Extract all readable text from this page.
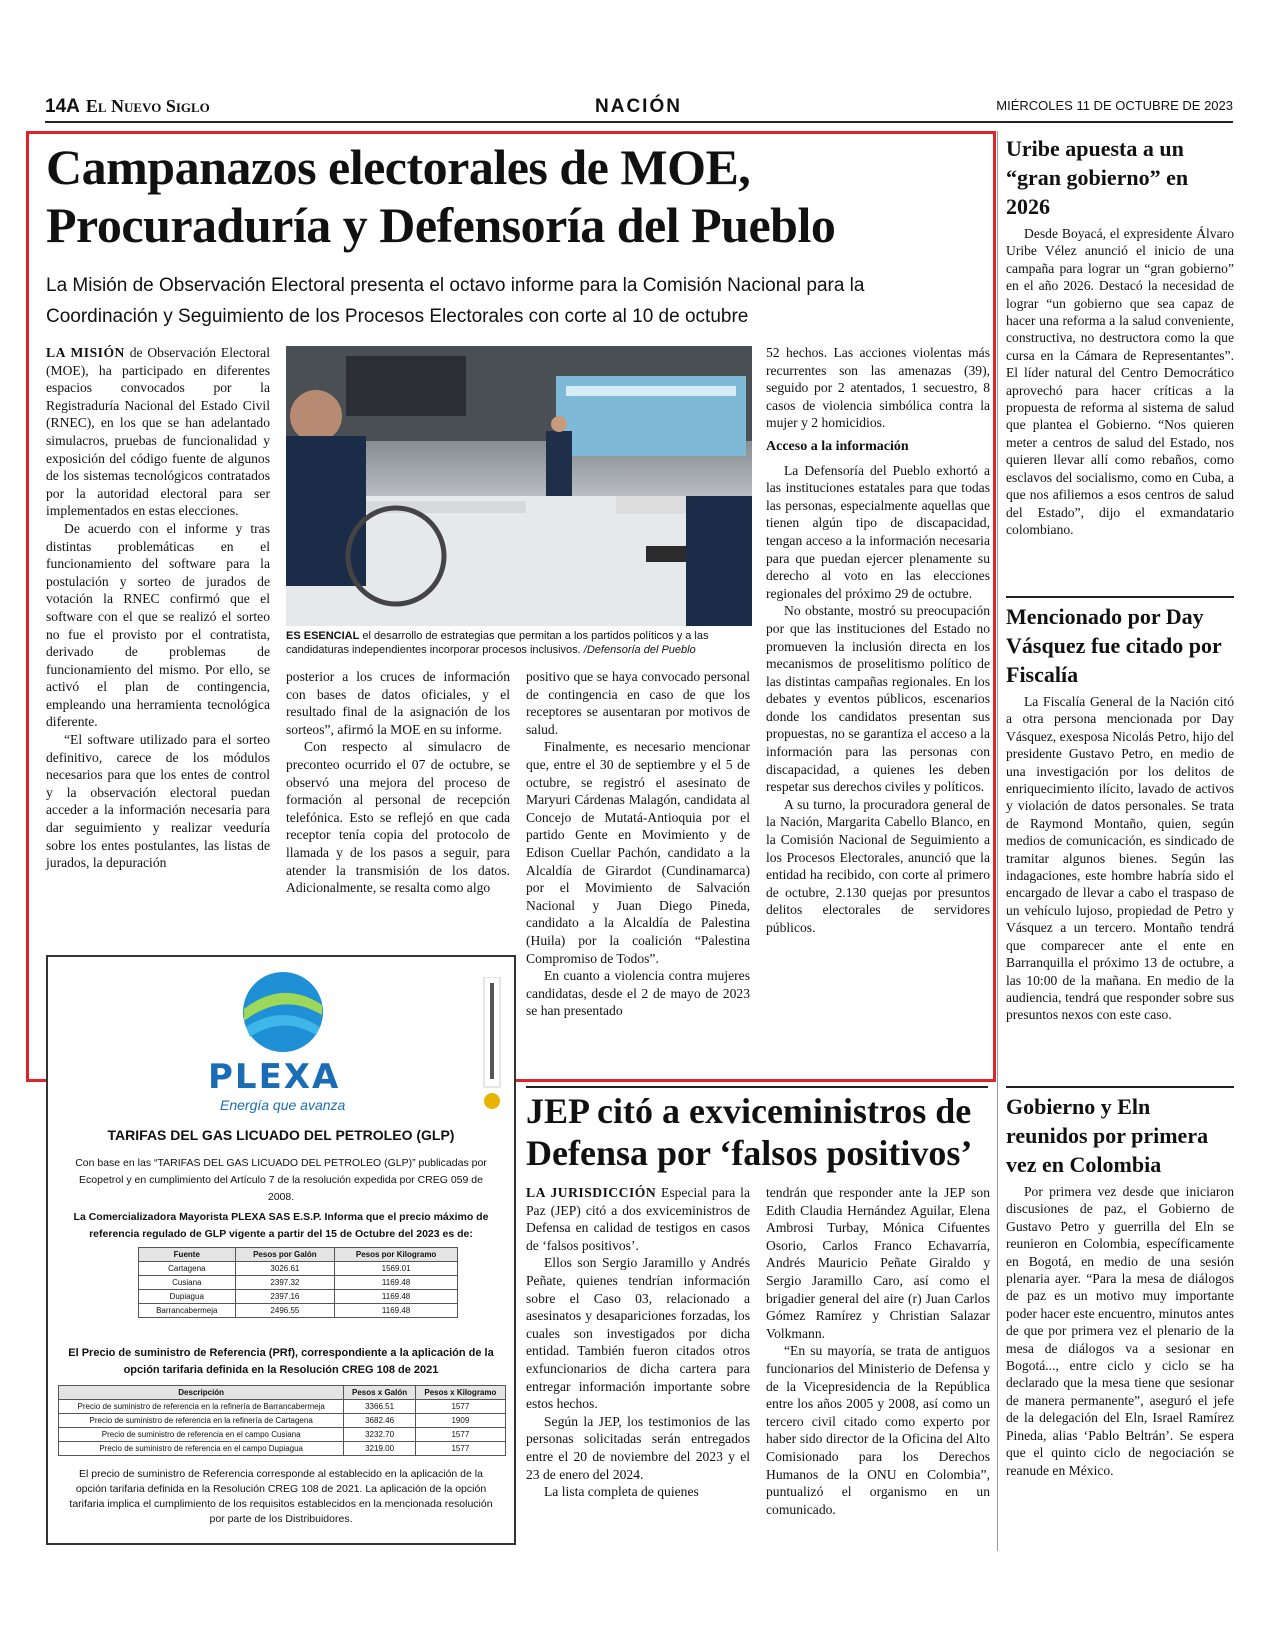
14A El Nuevo Siglo	NACIÓN	MIÉRCOLES 11 DE OCTUBRE DE 2023
Campanazos electorales de MOE, Procuraduría y Defensoría del Pueblo
La Misión de Observación Electoral presenta el octavo informe para la Comisión Nacional para la Coordinación y Seguimiento de los Procesos Electorales con corte al 10 de octubre

LA MISIÓN de Observación Electoral (MOE), ha participado en diferentes espacios convocados por la Registraduría Nacional del Estado Civil (RNEC), en los que se han adelantado simulacros, pruebas de funcionalidad y exposición del código fuente de algunos de los sistemas tecnológicos contratados por la autoridad electoral para ser implementados en estas elecciones.

De acuerdo con el informe y tras distintas problemáticas en el funcionamiento del software para la postulación y sorteo de jurados de votación la RNEC confirmó que el software con el que se realizó el sorteo no fue el provisto por el contratista, derivado de problemas de funcionamiento del mismo. Por ello, se activó el plan de contingencia, empleando una herramienta tecnológica diferente.

“El software utilizado para el sorteo definitivo, carece de los módulos necesarios para que los entes de control y la observación electoral puedan acceder a la información necesaria para dar seguimiento y realizar veeduría sobre los entes postulantes, las listas de jurados, la depuración

ES ESENCIAL el desarrollo de estrategias que permitan a los partidos políticos y a las candidaturas independientes incorporar procesos inclusivos. /Defensoría del Pueblo

posterior a los cruces de información con bases de datos oficiales, y el resultado final de la asignación de los sorteos”, afirmó la MOE en su informe.

Con respecto al simulacro de preconteo ocurrido el 07 de octubre, se observó una mejora del proceso de formación al personal de recepción telefónica. Esto se reflejó en que cada receptor tenía copia del protocolo de llamada y de los pasos a seguir, para atender la transmisión de los datos. Adicionalmente, se resalta como algo

positivo que se haya convocado personal de contingencia en caso de que los receptores se ausentaran por motivos de salud.

Finalmente, es necesario mencionar que, entre el 30 de septiembre y el 5 de octubre, se registró el asesinato de Maryuri Cárdenas Malagón, candidata al Concejo de Mutatá-Antioquia por el partido Gente en Movimiento y de Edison Cuellar Pachón, candidato a la Alcaldía de Girardot (Cundinamarca) por el Movimiento de Salvación Nacional y Juan Diego Pineda, candidato a la Alcaldía de Palestina (Huila) por la coalición “Palestina Compromiso de Todos”.

En cuanto a violencia contra mujeres candidatas, desde el 2 de mayo de 2023 se han presentado

52 hechos. Las acciones violentas más recurrentes son las amenazas (39), seguido por 2 atentados, 1 secuestro, 8 casos de violencia simbólica contra la mujer y 2 homicidios.

Acceso a la información

La Defensoría del Pueblo exhortó a las instituciones estatales para que todas las personas, especialmente aquellas que tienen algún tipo de discapacidad, tengan acceso a la información necesaria para que puedan ejercer plenamente su derecho al voto en las elecciones regionales del próximo 29 de octubre.

No obstante, mostró su preocupación por que las instituciones del Estado no promueven la inclusión directa en los mecanismos de proselitismo político de las distintas campañas regionales. En los debates y eventos públicos, escenarios donde los candidatos presentan sus propuestas, no se garantiza el acceso a la información para las personas con discapacidad, a quienes les deben respetar sus derechos civiles y políticos.

A su turno, la procuradora general de la Nación, Margarita Cabello Blanco, en la Comisión Nacional de Seguimiento a los Procesos Electorales, anunció que la entidad ha recibido, con corte al primero de octubre, 2.130 quejas por presuntos delitos electorales de servidores públicos.

PLEXA
Energía que avanza
TARIFAS DEL GAS LICUADO DEL PETROLEO (GLP)
Con base en las “TARIFAS DEL GAS LICUADO DEL PETROLEO (GLP)” publicadas por Ecopetrol y en cumplimiento del Artículo 7 de la resolución expedida por CREG 059 de 2008.
La Comercializadora Mayorista PLEXA SAS E.S.P. Informa que el precio máximo de referencia regulado de GLP vigente a partir del 15 de Octubre del 2023 es de:
Fuente	Pesos por Galón	Pesos por Kilogramo
Cartagena	3026.61	1569.01
Cusiana	2397.32	1169.48
Dupiagua	2397.16	1169.48
Barrancabermeja	2496.55	1169.48
El Precio de suministro de Referencia (PRf), correspondiente a la aplicación de la opción tarifaria definida en la Resolución CREG 108 de 2021
Descripción	Pesos x Galón	Pesos x Kilogramo
Precio de suministro de referencia en la refinería de Barrancabermeja	3366.51	1577
Precio de suministro de referencia en la refinería de Cartagena	3682.46	1909
Precio de suministro de referencia en el campo Cusiana	3232.70	1577
Precio de suministro de referencia en el campo Dupiagua	3219.00	1577
El precio de suministro de Referencia corresponde al establecido en la aplicación de la opción tarifaria definida en la Resolución CREG 108 de 2021. La aplicación de la opción tarifaria implica el cumplimiento de los requisitos establecidos en la mencionada resolución por parte de los Distribuidores.
JEP citó a exviceministros de Defensa por ‘falsos positivos’

LA JURISDICCIÓN Especial para la Paz (JEP) citó a dos exviceministros de Defensa en calidad de testigos en casos de ‘falsos positivos’.

Ellos son Sergio Jaramillo y Andrés Peñate, quienes tendrían información sobre el Caso 03, relacionado a asesinatos y desapariciones forzadas, los cuales son investigados por dicha entidad. También fueron citados otros exfuncionarios de dicha cartera para entregar información importante sobre estos hechos.

Según la JEP, los testimonios de las personas solicitadas serán entregados entre el 20 de noviembre del 2023 y el 23 de enero del 2024.

La lista completa de quienes

tendrán que responder ante la JEP son Edith Claudia Hernández Aguilar, Elena Ambrosi Turbay, Mónica Cifuentes Osorio, Carlos Franco Echavarría, Andrés Mauricio Peñate Giraldo y Sergio Jaramillo Caro, así como el brigadier general del aire (r) Juan Carlos Gómez Ramírez y Christian Salazar Volkmann.

“En su mayoría, se trata de antiguos funcionarios del Ministerio de Defensa y de la Vicepresidencia de la República entre los años 2005 y 2008, así como un tercero civil citado como experto por haber sido director de la Oficina del Alto Comisionado para los Derechos Humanos de la ONU en Colombia”, puntualizó el organismo en un comunicado.

Uribe apuesta a un “gran gobierno” en 2026

Desde Boyacá, el expresidente Álvaro Uribe Vélez anunció el inicio de una campaña para lograr un “gran gobierno” en el año 2026. Destacó la necesidad de lograr “un gobierno que sea capaz de hacer una reforma a la salud conveniente, constructiva, no destructora como la que cursa en la Cámara de Representantes”. El líder natural del Centro Democrático aprovechó para hacer críticas a la propuesta de reforma al sistema de salud que plantea el Gobierno. “Nos quieren meter a centros de salud del Estado, nos quieren llevar allí como rebaños, como esclavos del socialismo, como en Cuba, a que nos afiliemos a esos centros de salud del Estado”, dijo el exmandatario colombiano.

Mencionado por Day Vásquez fue citado por Fiscalía

La Fiscalía General de la Nación citó a otra persona mencionada por Day Vásquez, exesposa Nicolás Petro, hijo del presidente Gustavo Petro, en medio de una investigación por los delitos de enriquecimiento ilícito, lavado de activos y violación de datos personales. Se trata de Raymond Montaño, quien, según medios de comunicación, es sindicado de tramitar algunos bienes. Según las indagaciones, este hombre habría sido el encargado de llevar a cabo el traspaso de un vehículo lujoso, propiedad de Petro y Vásquez a un tercero. Montaño tendrá que comparecer ante el ente en Barranquilla el próximo 13 de octubre, a las 10:00 de la mañana. En medio de la audiencia, tendrá que responder sobre sus presuntos nexos con este caso.

Gobierno y Eln reunidos por primera vez en Colombia

Por primera vez desde que iniciaron discusiones de paz, el Gobierno de Gustavo Petro y guerrilla del Eln se reunieron en Colombia, específicamente en Bogotá, en medio de una sesión plenaria ayer. “Para la mesa de diálogos de paz es un motivo muy importante poder hacer este encuentro, minutos antes de que por primera vez el plenario de la mesa de diálogos va a sesionar en Bogotá..., entre ciclo y ciclo se ha declarado que la mesa tiene que sesionar de manera permanente”, aseguró el jefe de la delegación del Eln, Israel Ramírez Pineda, alias ‘Pablo Beltrán’. Se espera que el quinto ciclo de negociación se reanude en México.
